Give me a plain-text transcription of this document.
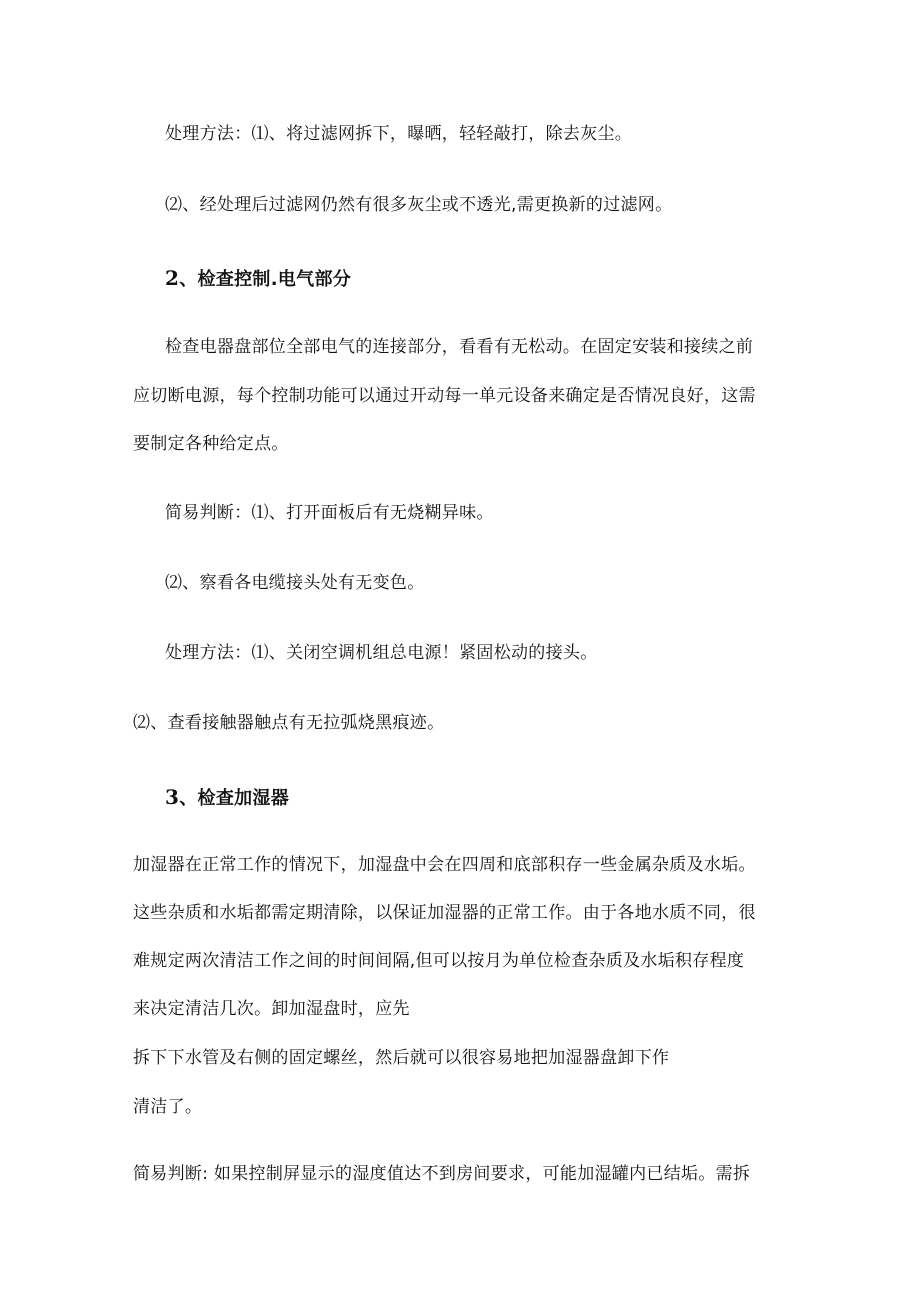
处理方法：⑴、将过滤网拆下，曝晒，轻轻敲打，除去灰尘。
⑵、经处理后过滤网仍然有很多灰尘或不透光,需更换新的过滤网。
2、检查控制.电气部分
检查电器盘部位全部电气的连接部分，看看有无松动。在固定安装和接续之前
应切断电源，每个控制功能可以通过开动每一单元设备来确定是否情况良好，这需
要制定各种给定点。
简易判断：⑴、打开面板后有无烧糊异味。
⑵、察看各电缆接头处有无变色。
处理方法：⑴、关闭空调机组总电源！紧固松动的接头。
⑵、查看接触器触点有无拉弧烧黑痕迹。
3、检查加湿器
加湿器在正常工作的情况下，加湿盘中会在四周和底部积存一些金属杂质及水垢。
这些杂质和水垢都需定期清除，以保证加湿器的正常工作。由于各地水质不同，很
难规定两次清洁工作之间的时间间隔,但可以按月为单位检查杂质及水垢积存程度
来决定清洁几次。卸加湿盘时，应先
拆下下水管及右侧的固定螺丝，然后就可以很容易地把加湿器盘卸下作
清洁了。
简易判断: 如果控制屏显示的湿度值达不到房间要求，可能加湿罐内已结垢。需拆
